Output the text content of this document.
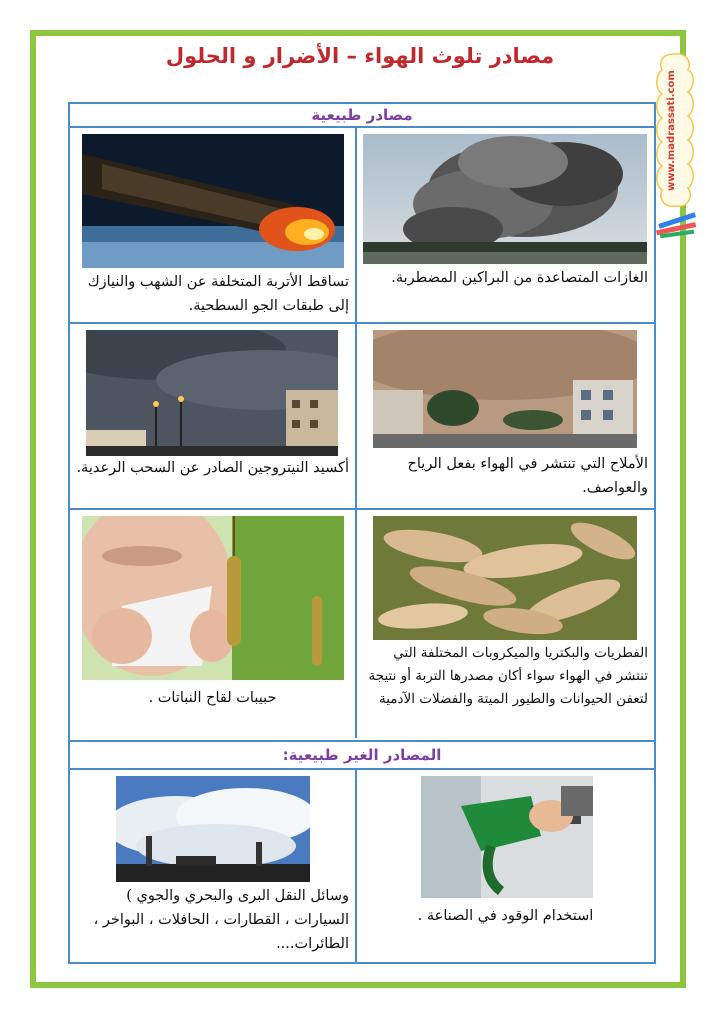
مصادر تلوث الهواء – الأضرار و الحلول
www.madrassati.com
مصادر طبيعية
الغازات المتصاعدة من البراكين المضطربة.
تساقط الأتربة المتخلفة عن الشهب والنيازك إلى طبقات الجو السطحية.
الأملاح التي تنتشر في الهواء بفعل الرياح والعواصف.
أكسيد النيتروجين الصادر عن السحب الرعدية.
الفطريات والبكتريا والميكروبات المختلفة التي تنتشر في الهواء سواء أكان مصدرها التربة أو نتيجة لتعفن الحيوانات والطيور الميتة والفضلات الآدمية
حبيبات لقاح النباتات .
المصادر الغير طبيعية:
استخدام الوقود في الصناعة .
وسائل النقل البرى والبحري والجوي ) السيارات ، القطارات ، الحافلات ، البواخر ، الطائرات....
